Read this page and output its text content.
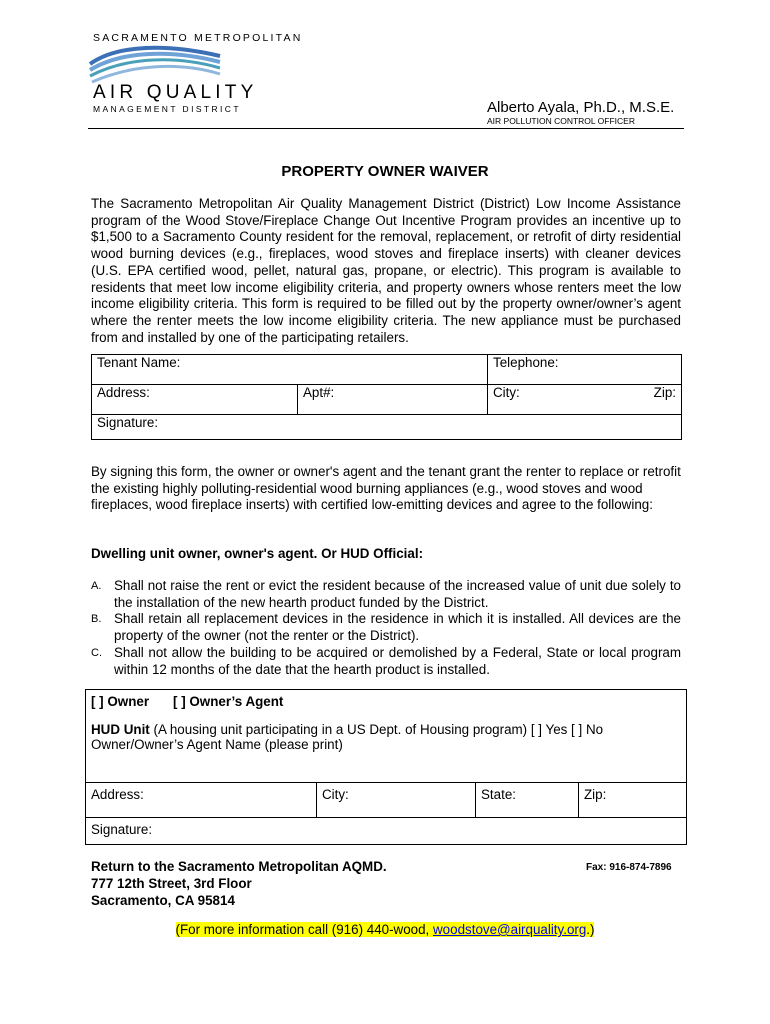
SACRAMENTO METROPOLITAN
AIR QUALITY
MANAGEMENT DISTRICT	Alberto Ayala, Ph.D., M.S.E.
AIR POLLUTION CONTROL OFFICER
PROPERTY OWNER WAIVER
The Sacramento Metropolitan Air Quality Management District (District) Low Income Assistance program of the Wood Stove/Fireplace Change Out Incentive Program provides an incentive up to $1,500 to a Sacramento County resident for the removal, replacement, or retrofit of dirty residential wood burning devices (e.g., fireplaces, wood stoves and fireplace inserts) with cleaner devices (U.S. EPA certified wood, pellet, natural gas, propane, or electric). This program is available to residents that meet low income eligibility criteria, and property owners whose renters meet the low income eligibility criteria. This form is required to be filled out by the property owner/owner’s agent where the renter meets the low income eligibility criteria. The new appliance must be purchased from and installed by one of the participating retailers.
Tenant Name:		Telephone:
Address:	Apt#:	City: Zip:

Signature:		
By signing this form, the owner or owner's agent and the tenant grant the renter to replace or retrofit the existing highly polluting-residential wood burning appliances (e.g., wood stoves and wood fireplaces, wood fireplace inserts) with certified low-emitting devices and agree to the following:
Dwelling unit owner, owner's agent. Or HUD Official:
A. Shall not raise the rent or evict the resident because of the increased value of unit due solely to the installation of the new hearth product funded by the District.
B. Shall retain all replacement devices in the residence in which it is installed. All devices are the property of the owner (not the renter or the District).
C. Shall not allow the building to be acquired or demolished by a Federal, State or local program within 12 months of the date that the hearth product is installed.
[ ] Owner [ ] Owner’s Agent
HUD Unit (A housing unit participating in a US Dept. of Housing program) [ ] Yes [ ] No
Owner/Owner’s Agent Name (please print)

Address:	City:	State:	Zip:
Signature:
Return to the Sacramento Metropolitan AQMD.
777 12th Street, 3rd Floor
Sacramento, CA 95814
Fax: 916-874-7896
(For more information call (916) 440-wood, woodstove@airquality.org.)
